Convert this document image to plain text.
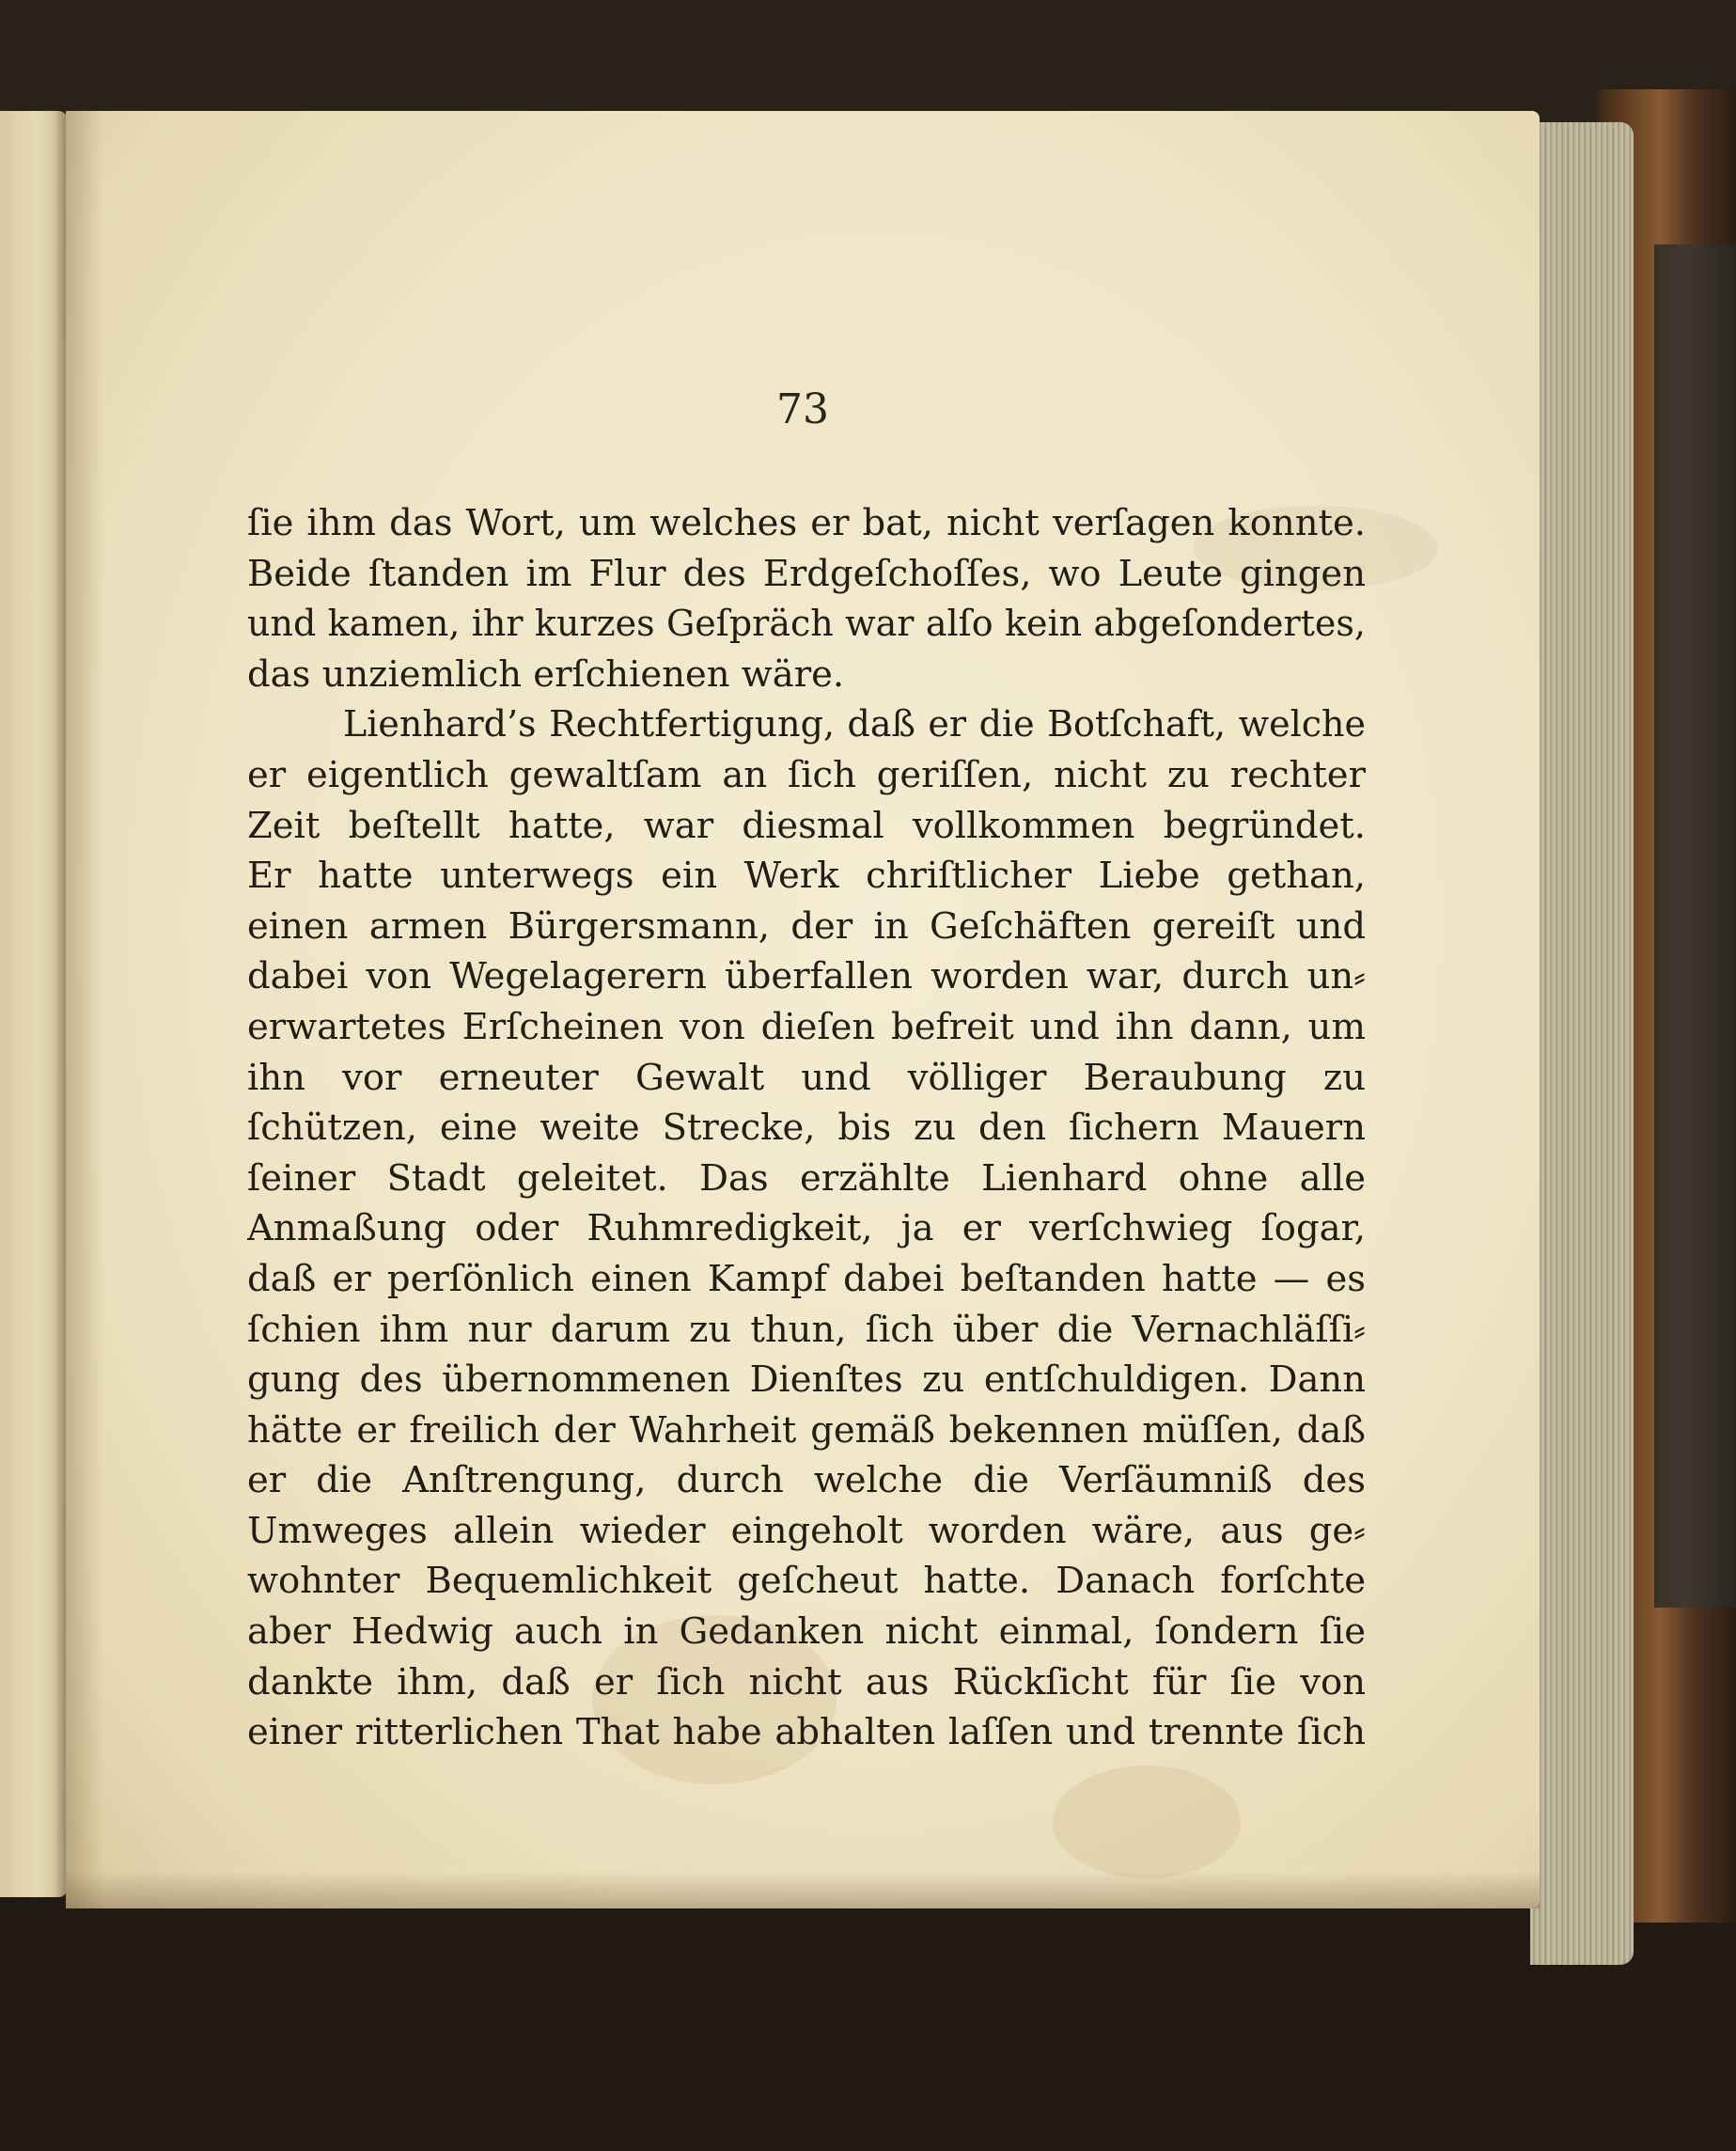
73
ſie ihm das Wort, um welches er bat, nicht verſagen konnte.
Beide ſtanden im Flur des Erdgeſchoſſes, wo Leute gingen
und kamen, ihr kurzes Geſpräch war alſo kein abgeſondertes,
das unziemlich erſchienen wäre.
Lienhard’s Rechtfertigung, daß er die Botſchaft, welche
er eigentlich gewaltſam an ſich geriſſen, nicht zu rechter
Zeit beſtellt hatte, war diesmal vollkommen begründet.
Er hatte unterwegs ein Werk chriſtlicher Liebe gethan,
einen armen Bürgersmann, der in Geſchäften gereiſt und
dabei von Wegelagerern überfallen worden war, durch un⸗
erwartetes Erſcheinen von dieſen befreit und ihn dann, um
ihn vor erneuter Gewalt und völliger Beraubung zu
ſchützen, eine weite Strecke, bis zu den ſichern Mauern
ſeiner Stadt geleitet. Das erzählte Lienhard ohne alle
Anmaßung oder Ruhmredigkeit, ja er verſchwieg ſogar,
daß er perſönlich einen Kampf dabei beſtanden hatte — es
ſchien ihm nur darum zu thun, ſich über die Vernachläſſi⸗
gung des übernommenen Dienſtes zu entſchuldigen. Dann
hätte er freilich der Wahrheit gemäß bekennen müſſen, daß
er die Anſtrengung, durch welche die Verſäumniß des
Umweges allein wieder eingeholt worden wäre, aus ge⸗
wohnter Bequemlichkeit geſcheut hatte. Danach forſchte
aber Hedwig auch in Gedanken nicht einmal, ſondern ſie
dankte ihm, daß er ſich nicht aus Rückſicht für ſie von
einer ritterlichen That habe abhalten laſſen und trennte ſich
